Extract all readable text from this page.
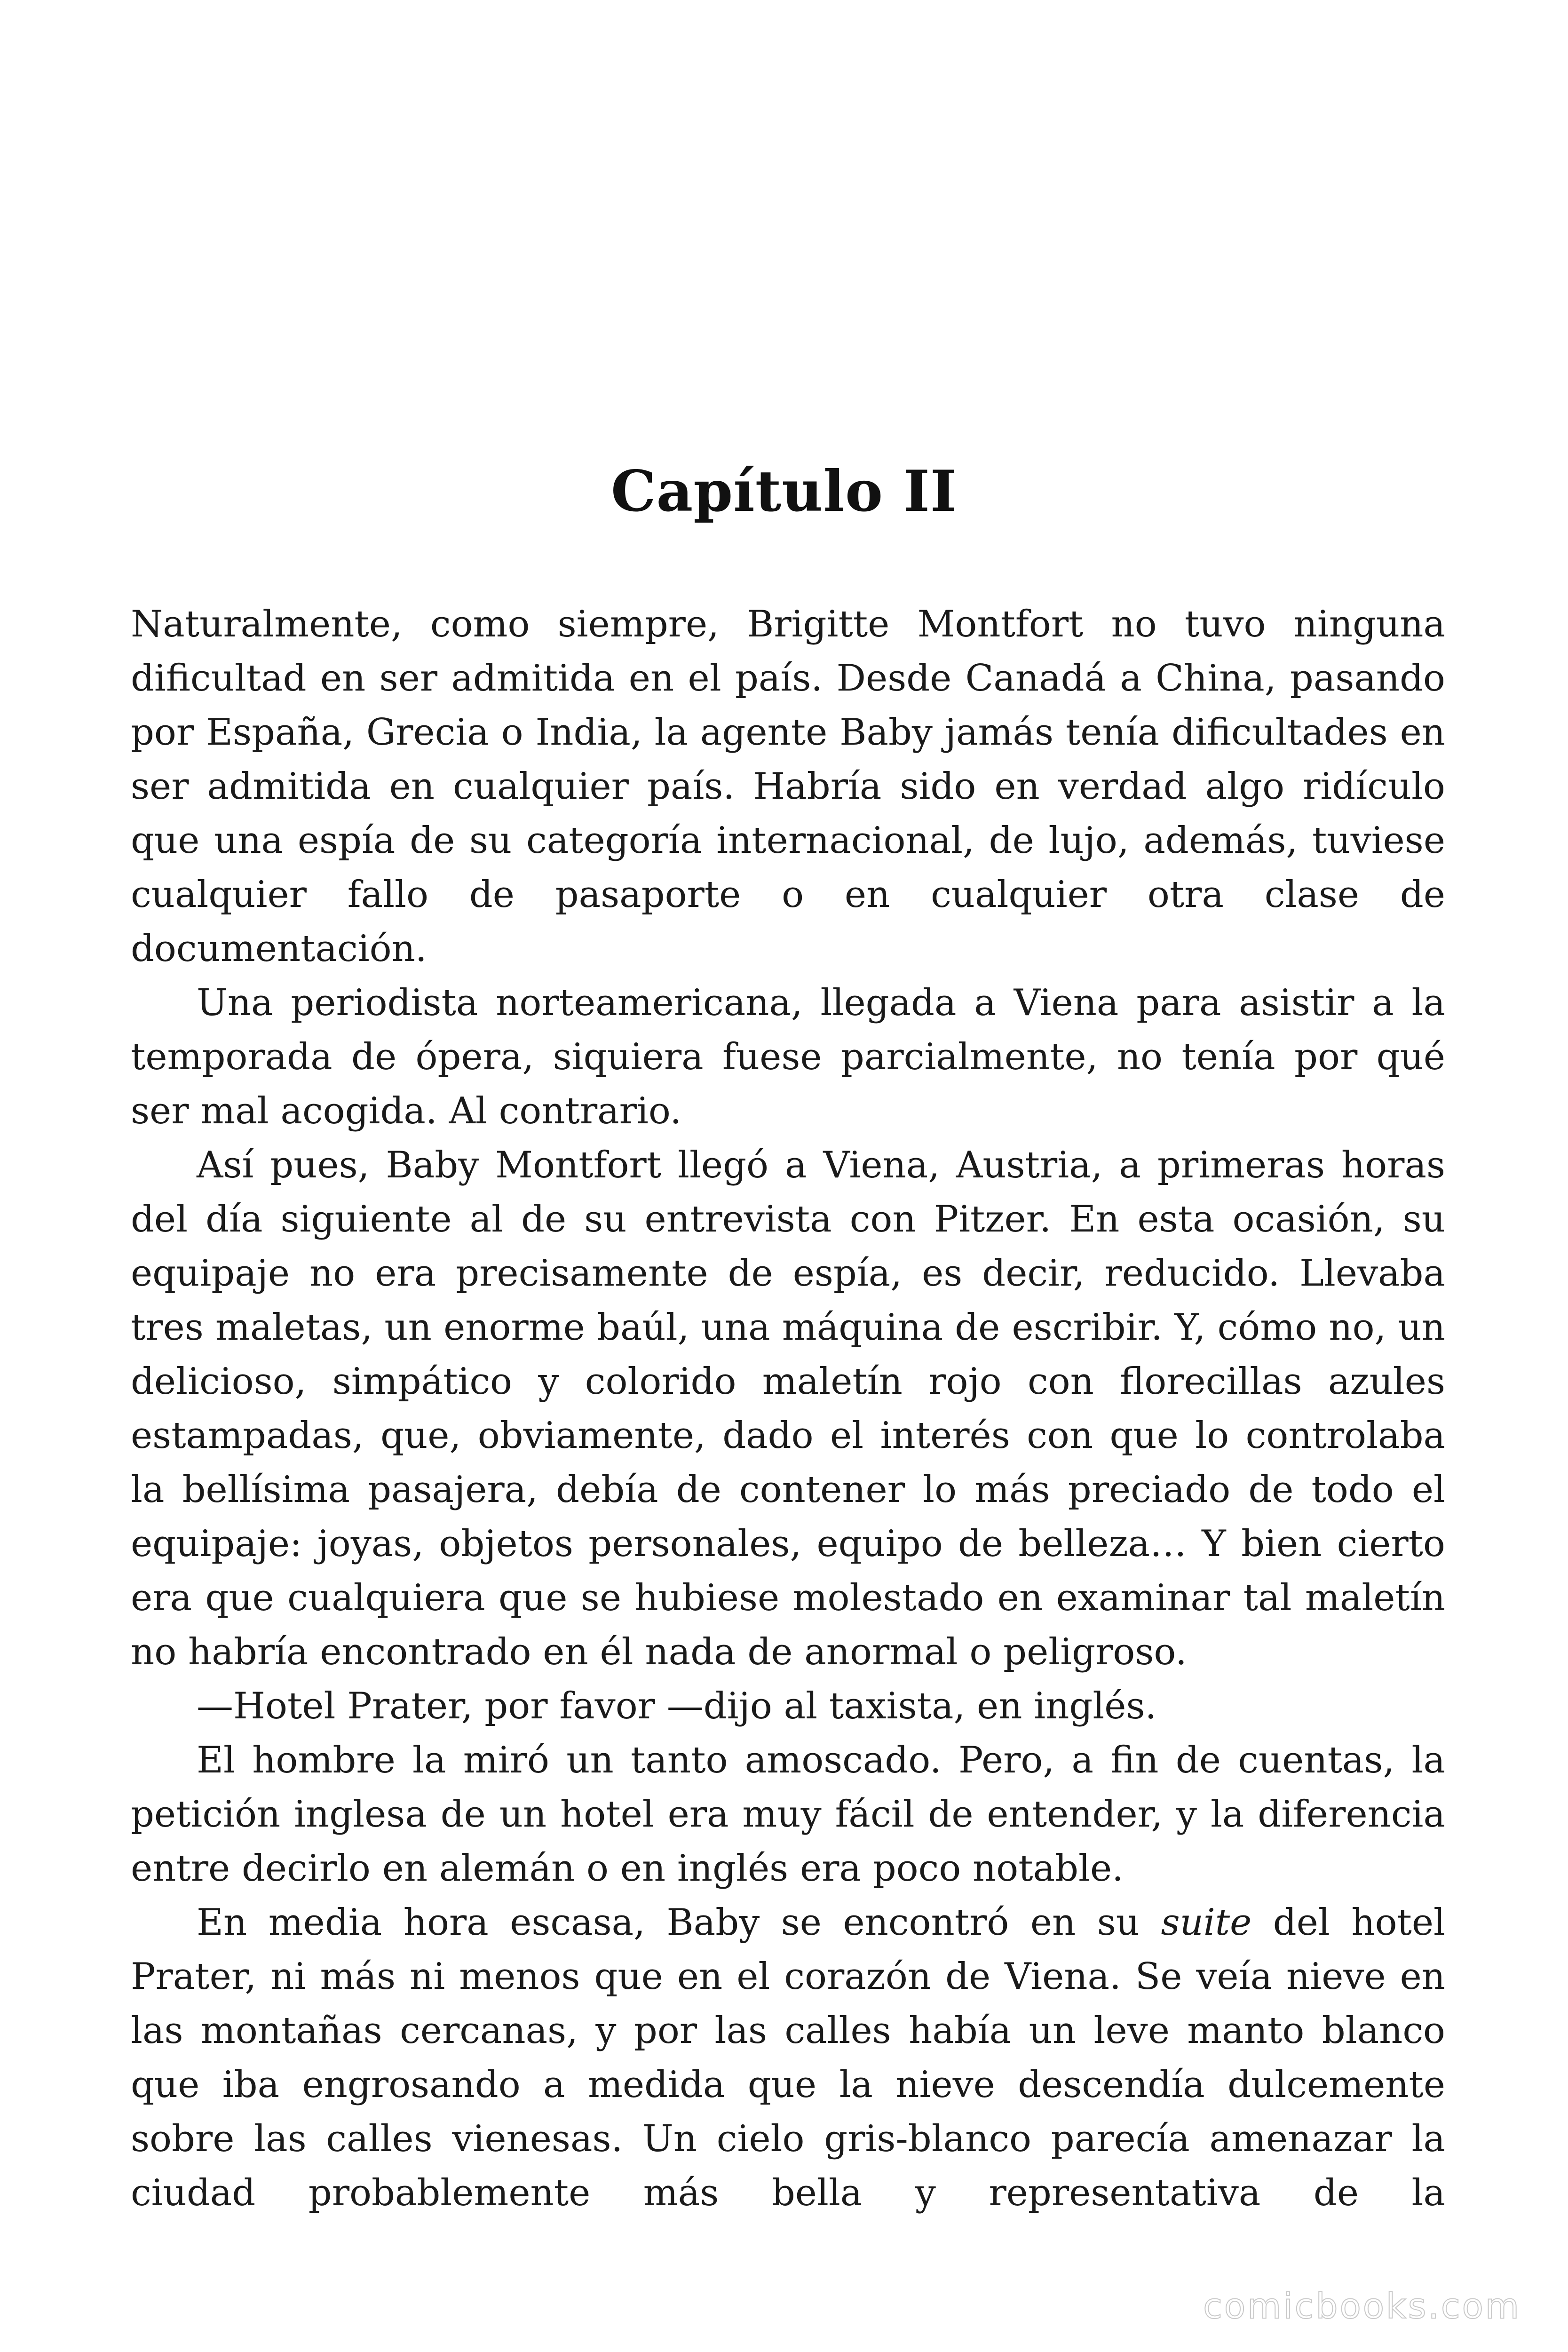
Capítulo II

Naturalmente, como siempre, Brigitte Montfort no tuvo ninguna dificultad en ser admitida en el país. Desde Canadá a China, pasando por España, Grecia o India, la agente Baby jamás tenía dificultades en ser admitida en cualquier país. Habría sido en verdad algo ridículo que una espía de su categoría internacional, de lujo, además, tuviese cualquier fallo de pasaporte o en cualquier otra clase de documentación.

Una periodista norteamericana, llegada a Viena para asistir a la temporada de ópera, siquiera fuese parcialmente, no tenía por qué ser mal acogida. Al contrario.

Así pues, Baby Montfort llegó a Viena, Austria, a primeras horas del día siguiente al de su entrevista con Pitzer. En esta ocasión, su equipaje no era precisamente de espía, es decir, reducido. Llevaba tres maletas, un enorme baúl, una máquina de escribir. Y, cómo no, un delicioso, simpático y colorido maletín rojo con florecillas azules estampadas, que, obviamente, dado el interés con que lo controlaba la bellísima pasajera, debía de contener lo más preciado de todo el equipaje: joyas, objetos personales, equipo de belleza… Y bien cierto era que cualquiera que se hubiese molestado en examinar tal maletín no habría encontrado en él nada de anormal o peligroso.

—Hotel Prater, por favor —dijo al taxista, en inglés.

El hombre la miró un tanto amoscado. Pero, a fin de cuentas, la petición inglesa de un hotel era muy fácil de entender, y la diferencia entre decirlo en alemán o en inglés era poco notable.

En media hora escasa, Baby se encontró en su suite del hotel Prater, ni más ni menos que en el corazón de Viena. Se veía nieve en las montañas cercanas, y por las calles había un leve manto blanco que iba engrosando a medida que la nieve descendía dulcemente sobre las calles vienesas. Un cielo gris-blanco parecía amenazar la ciudad probablemente más bella y representativa de la

comicbooks.com
